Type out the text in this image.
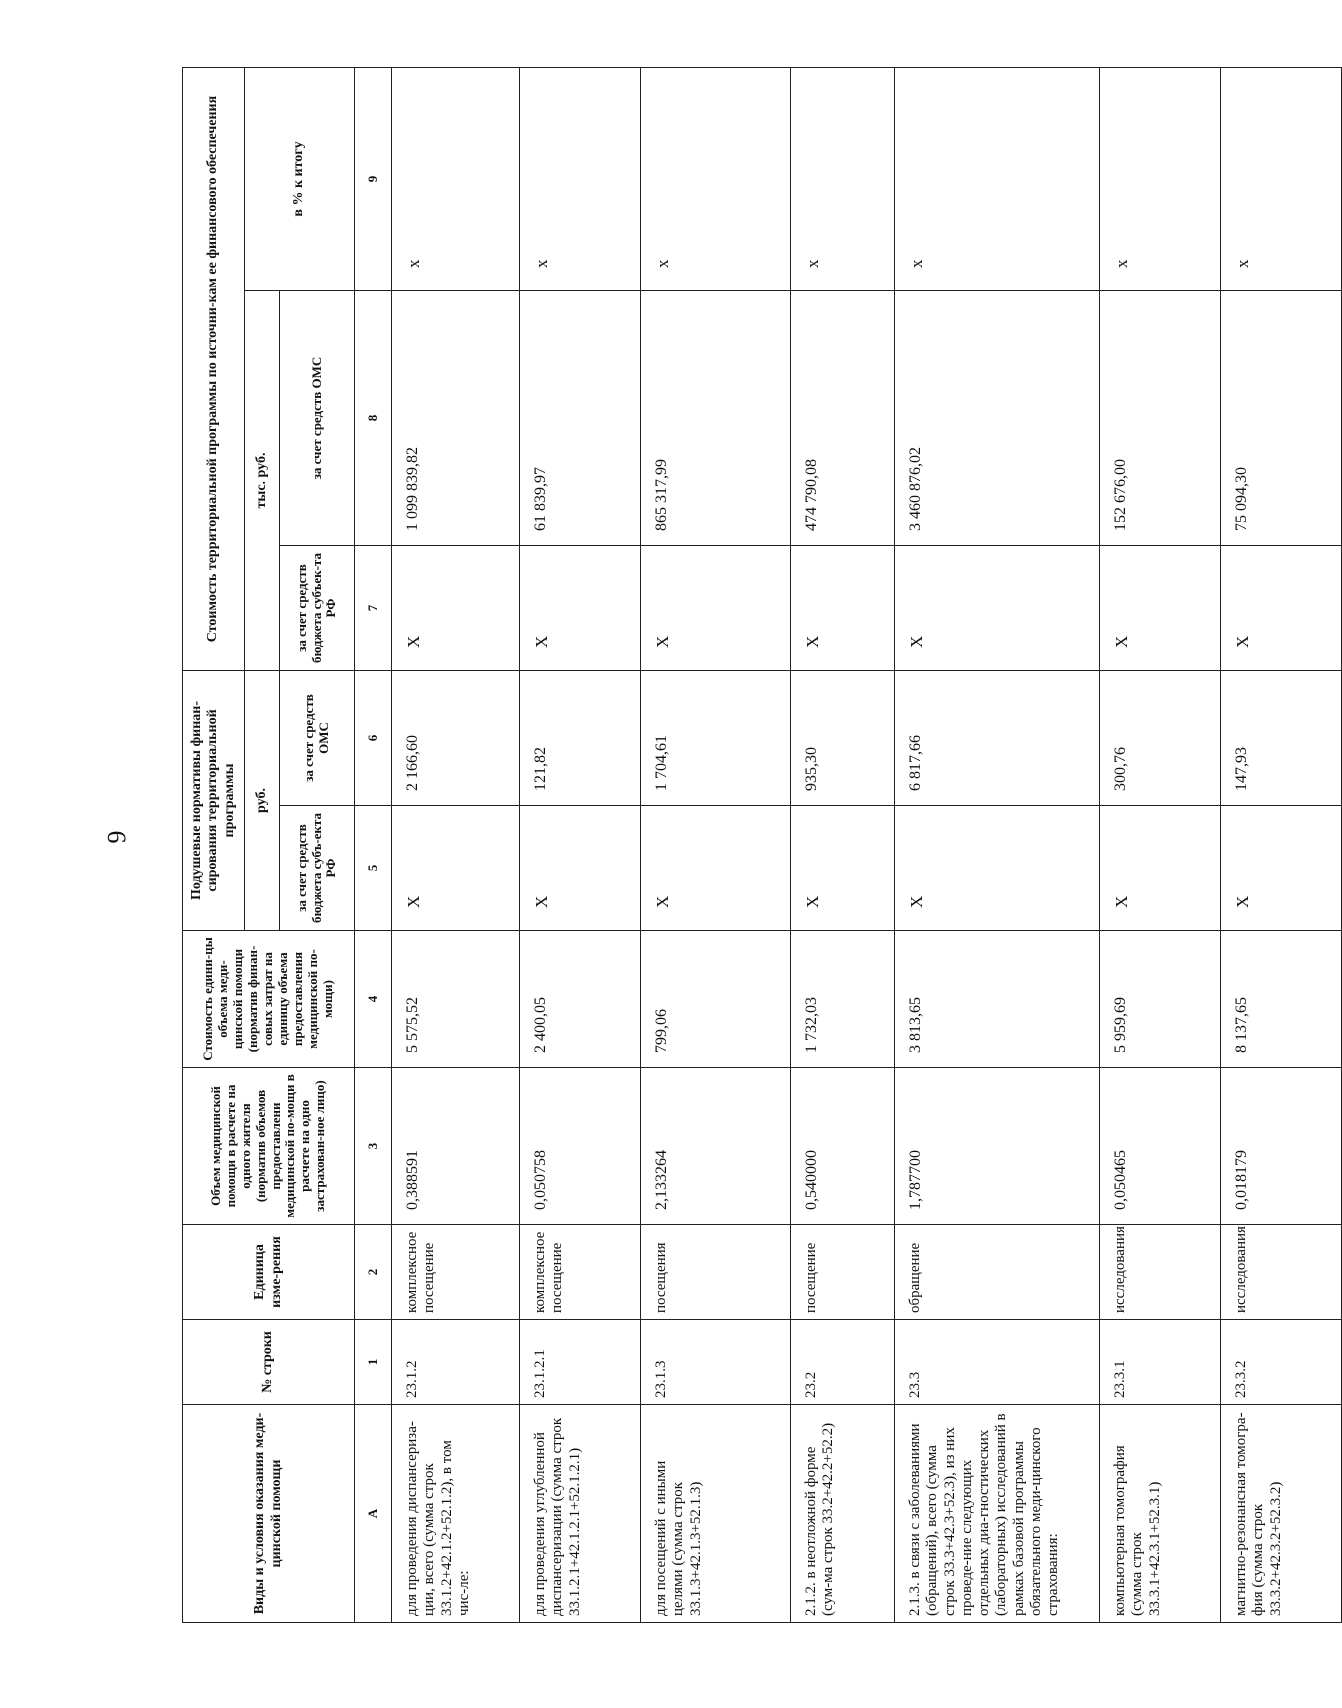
6
Виды и условия оказания меди-цинской помощи	№ строки	Единица изме-рения	Объем медицинской помощи в расчете на одного жителя (норматив объемов предоставлени медицинской по-мощи в расчете на одно застрахован-ное лицо)	Стоимость едини-цы объема меди-цинской помощи (норматив финан-совых затрат на единицу объема предоставления медицинской по-мощи)	Подушевые нормативы финан-сирования территориальной программы		Стоимость территориальной программы по источни-кам ее финансового обеспечения		
					руб.		тыс. руб.		в % к итогу
					за счет средств бюджета субъ-екта РФ	за счет средств ОМС	за счет средств бюджета субъек-та РФ	за счет средств ОМС	
А	1	2	3	4	5	6	7	8	9
для проведения диспансериза-ции, всего (сумма строк 33.1.2+42.1.2+52.1.2), в том чис-ле:	23.1.2	комплексное посещение	0,388591	5 575,52	Х	2 166,60	Х	1 099 839,82	х
для проведения углубленной диспансеризации (сумма строк 33.1.2.1+42.1.2.1+52.1.2.1)	23.1.2.1	комплексное посещение	0,050758	2 400,05	Х	121,82	Х	61 839,97	х
для посещений с иными целями (сумма строк 33.1.3+42.1.3+52.1.3)	23.1.3	посещения	2,133264	799,06	Х	1 704,61	Х	865 317,99	х
2.1.2. в неотложной форме (сум-ма строк 33.2+42.2+52.2)	23.2	посещение	0,540000	1 732,03	Х	935,30	Х	474 790,08	х
2.1.3. в связи с заболеваниями (обращений), всего (сумма строк 33.3+42.3+52.3), из них проведе-ние следующих отдельных диа-гностических (лабораторных) исследований в рамках базовой программы обязательного меди-цинского страхования:	23.3	обращение	1,787700	3 813,65	Х	6 817,66	Х	3 460 876,02	х
компьютерная томография (сумма строк 33.3.1+42.3.1+52.3.1)	23.3.1	исследования	0,050465	5 959,69	Х	300,76	Х	152 676,00	х
магнитно-резонансная томогра-фия (сумма строк 33.3.2+42.3.2+52.3.2)	23.3.2	исследования	0,018179	8 137,65	Х	147,93	Х	75 094,30	х
